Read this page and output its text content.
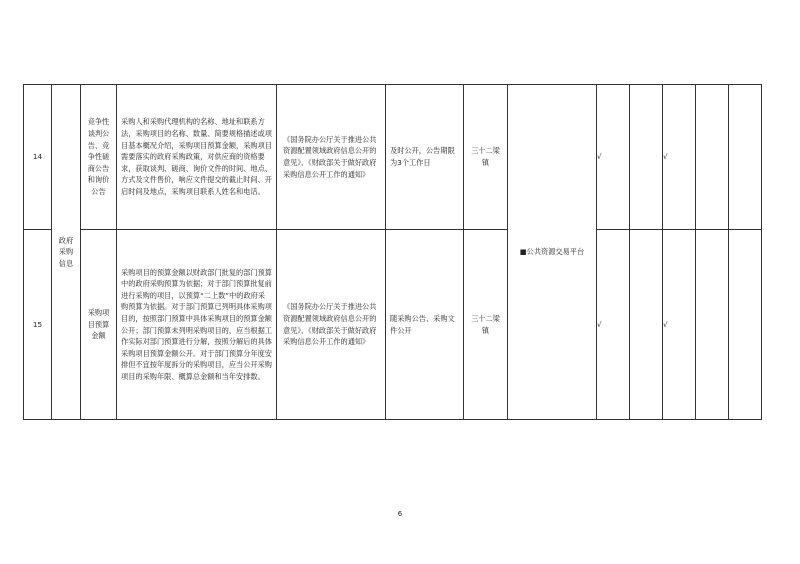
14	政府采购信息	竞争性谈判公告、竞争性磋商公告和询价公告	采购人和采购代理机构的名称、地址和联系方法，采购项目的名称、数量、简要规格描述或项目基本概况介绍，采购项目预算金额，采购项目需要落实的政府采购政策，对供应商的资格要求，获取谈判、磋商、询价文件的时间、地点、方式及文件售价，响应文件提交的截止时间、开启时间及地点，采购项目联系人姓名和电话。	《国务院办公厅关于推进公共资源配置领域政府信息公开的意见》、《财政部关于做好政府采购信息公开工作的通知》	及时公开，公告期限为3个工作日	三十二梁镇	■公共资源交易平台	√		√		
15		采购项目预算金额	采购项目的预算金额以财政部门批复的部门预算中的政府采购预算为依据；对于部门预算批复前进行采购的项目，以预算“二上数”中的政府采购预算为依据。对于部门预算已列明具体采购项目的，按照部门预算中具体采购项目的预算金额公开；部门预算未列明采购项目的，应当根据工作实际对部门预算进行分解，按照分解后的具体采购项目预算金额公开。对于部门预算分年度安排但不宜按年度拆分的采购项目，应当公开采购项目的采购年限、概算总金额和当年安排数。	《国务院办公厅关于推进公共资源配置领域政府信息公开的意见》、《财政部关于做好政府采购信息公开工作的通知》	随采购公告、采购文件公开	三十二梁镇		√		√		
6
